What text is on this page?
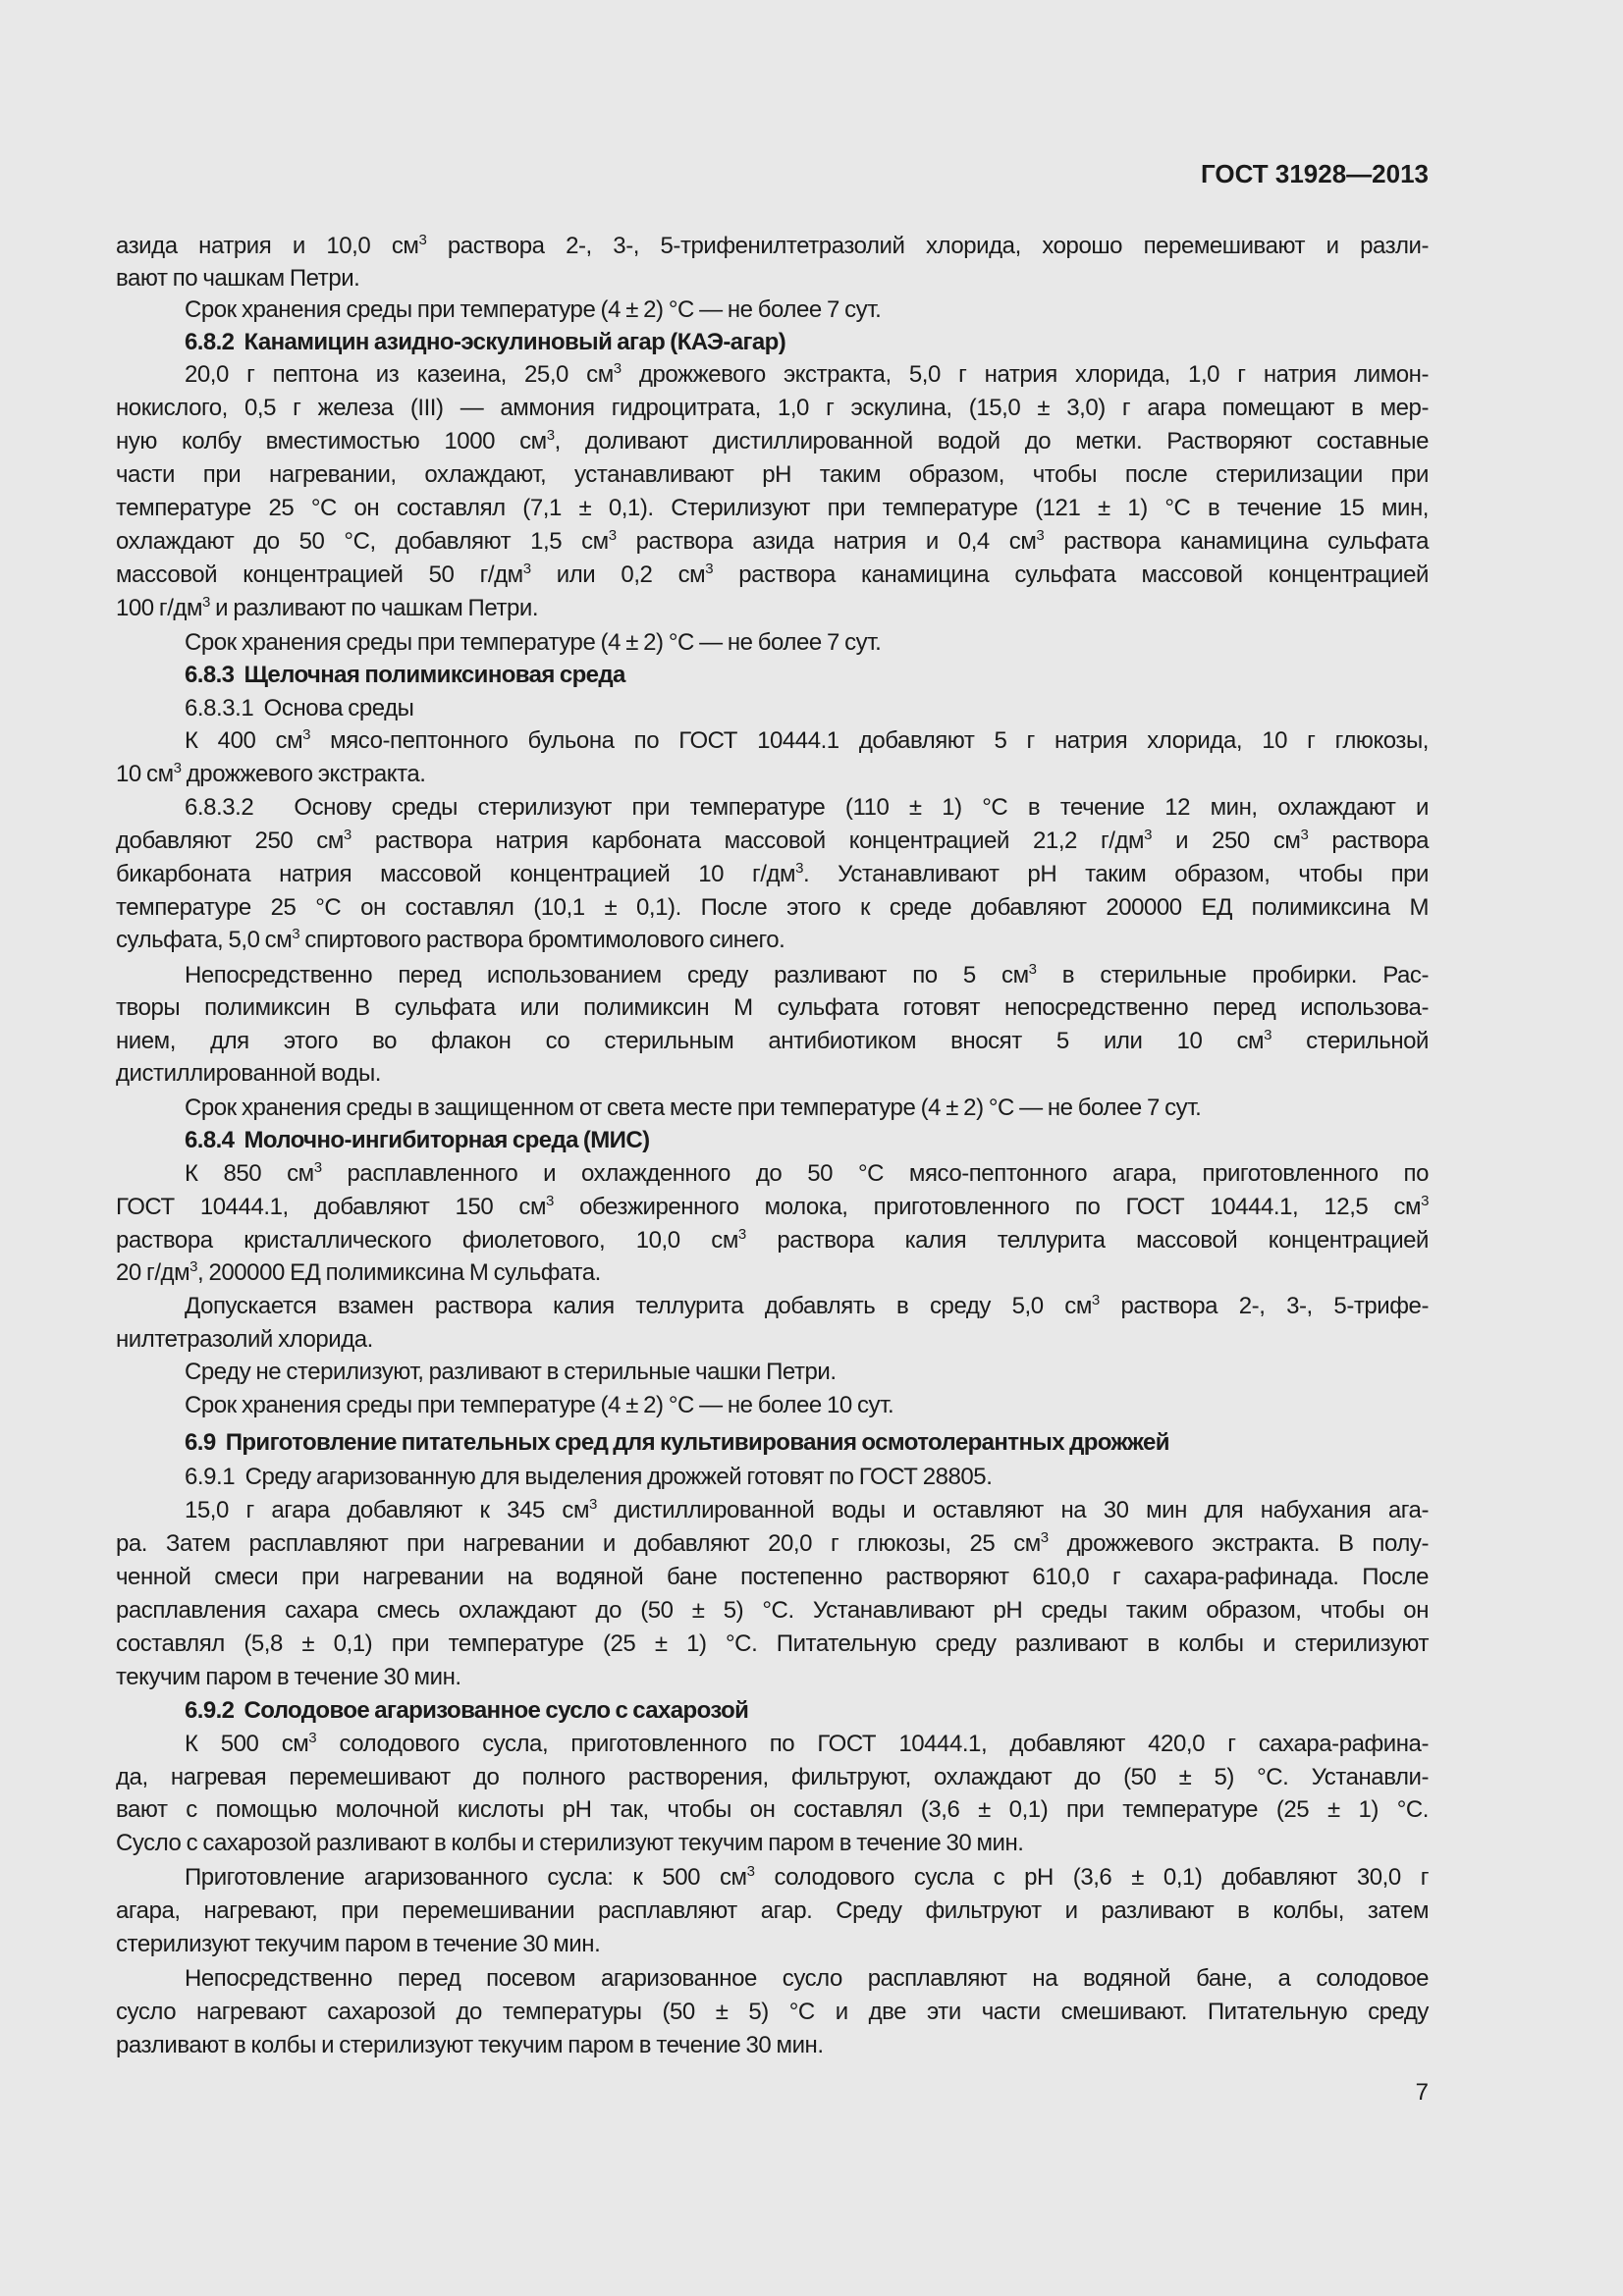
ГОСТ 31928—2013
азида натрия и 10,0 $см^3$ раствора 2-, 3-, 5-трифенилтетразолий хлорида, хорошо перемешивают и разли-
вают по чашкам Петри.
Срок хранения среды при температуре (4 ± 2) °С — не более 7 сут.
6.8.2  Канамицин азидно-эскулиновый агар (КАЭ-агар)
20,0 г пептона из казеина, 25,0 $см^3$ дрожжевого экстракта, 5,0 г натрия хлорида, 1,0 г натрия лимон-
нокислого, 0,5 г железа (III) — аммония гидроцитрата, 1,0 г эскулина, (15,0 ± 3,0) г агара помещают в мер-
ную колбу вместимостью 1000 $см^3$, доливают дистиллированной водой до метки. Растворяют составные
части при нагревании, охлаждают, устанавливают pH таким образом, чтобы после стерилизации при
температуре 25 °С он составлял (7,1 ± 0,1). Стерилизуют при температуре (121 ± 1) °С в течение 15 мин,
охлаждают до 50 °С, добавляют 1,5 $см^3$ раствора азида натрия и 0,4 $см^3$ раствора канамицина сульфата
массовой концентрацией 50 $г/дм^3$ или 0,2 $см^3$ раствора канамицина сульфата массовой концентрацией
100 $г/дм^3$ и разливают по чашкам Петри.
Срок хранения среды при температуре (4 ± 2) °С — не более 7 сут.
6.8.3  Щелочная полимиксиновая среда
6.8.3.1  Основа среды
К 400 $см^3$ мясо-пептонного бульона по ГОСТ 10444.1 добавляют 5 г натрия хлорида, 10 г глюкозы,
10 $см^3$ дрожжевого экстракта.
6.8.3.2  Основу среды стерилизуют при температуре (110 ± 1) °С в течение 12 мин, охлаждают и
добавляют 250 $см^3$ раствора натрия карбоната массовой концентрацией 21,2 $г/дм^3$ и 250 $см^3$ раствора
бикарбоната натрия массовой концентрацией 10 $г/дм^3$. Устанавливают pH таким образом, чтобы при
температуре 25 °С он составлял (10,1 ± 0,1). После этого к среде добавляют 200000 ЕД полимиксина М
сульфата, 5,0 $см^3$ спиртового раствора бромтимолового синего.
Непосредственно перед использованием среду разливают по 5 $см^3$ в стерильные пробирки. Рас-
творы полимиксин В сульфата или полимиксин М сульфата готовят непосредственно перед использова-
нием, для этого во флакон со стерильным антибиотиком вносят 5 или 10 $см^3$ стерильной
дистиллированной воды.
Срок хранения среды в защищенном от света месте при температуре (4 ± 2) °С — не более 7 сут.
6.8.4  Молочно-ингибиторная среда (МИС)
К 850 $см^3$ расплавленного и охлажденного до 50 °С мясо-пептонного агара, приготовленного по
ГОСТ 10444.1, добавляют 150 $см^3$ обезжиренного молока, приготовленного по ГОСТ 10444.1, 12,5 $см^3$
раствора кристаллического фиолетового, 10,0 $см^3$ раствора калия теллурита массовой концентрацией
20 $г/дм^3$, 200000 ЕД полимиксина М сульфата.
Допускается взамен раствора калия теллурита добавлять в среду 5,0 $см^3$ раствора 2-, 3-, 5-трифе-
нилтетразолий хлорида.
Среду не стерилизуют, разливают в стерильные чашки Петри.
Срок хранения среды при температуре (4 ± 2) °С — не более 10 сут.
6.9  Приготовление питательных сред для культивирования осмотолерантных дрожжей
6.9.1  Среду агаризованную для выделения дрожжей готовят по ГОСТ 28805.
15,0 г агара добавляют к 345 $см^3$ дистиллированной воды и оставляют на 30 мин для набухания ага-
ра. Затем расплавляют при нагревании и добавляют 20,0 г глюкозы, 25 $см^3$ дрожжевого экстракта. В полу-
ченной смеси при нагревании на водяной бане постепенно растворяют 610,0 г сахара-рафинада. После
расплавления сахара смесь охлаждают до (50 ± 5) °С. Устанавливают pH среды таким образом, чтобы он
составлял (5,8 ± 0,1) при температуре (25 ± 1) °С. Питательную среду разливают в колбы и стерилизуют
текучим паром в течение 30 мин.
6.9.2  Солодовое агаризованное сусло с сахарозой
К 500 $см^3$ солодового сусла, приготовленного по ГОСТ 10444.1, добавляют 420,0 г сахара-рафина-
да, нагревая перемешивают до полного растворения, фильтруют, охлаждают до (50 ± 5) °С. Устанавли-
вают с помощью молочной кислоты pH так, чтобы он составлял (3,6 ± 0,1) при температуре (25 ± 1) °С.
Сусло с сахарозой разливают в колбы и стерилизуют текучим паром в течение 30 мин.
Приготовление агаризованного сусла: к 500 $см^3$ солодового сусла с pH (3,6 ± 0,1) добавляют 30,0 г
агара, нагревают, при перемешивании расплавляют агар. Среду фильтруют и разливают в колбы, затем
стерилизуют текучим паром в течение 30 мин.
Непосредственно перед посевом агаризованное сусло расплавляют на водяной бане, а солодовое
сусло нагревают сахарозой до температуры (50 ± 5) °С и две эти части смешивают. Питательную среду
разливают в колбы и стерилизуют текучим паром в течение 30 мин.
7
